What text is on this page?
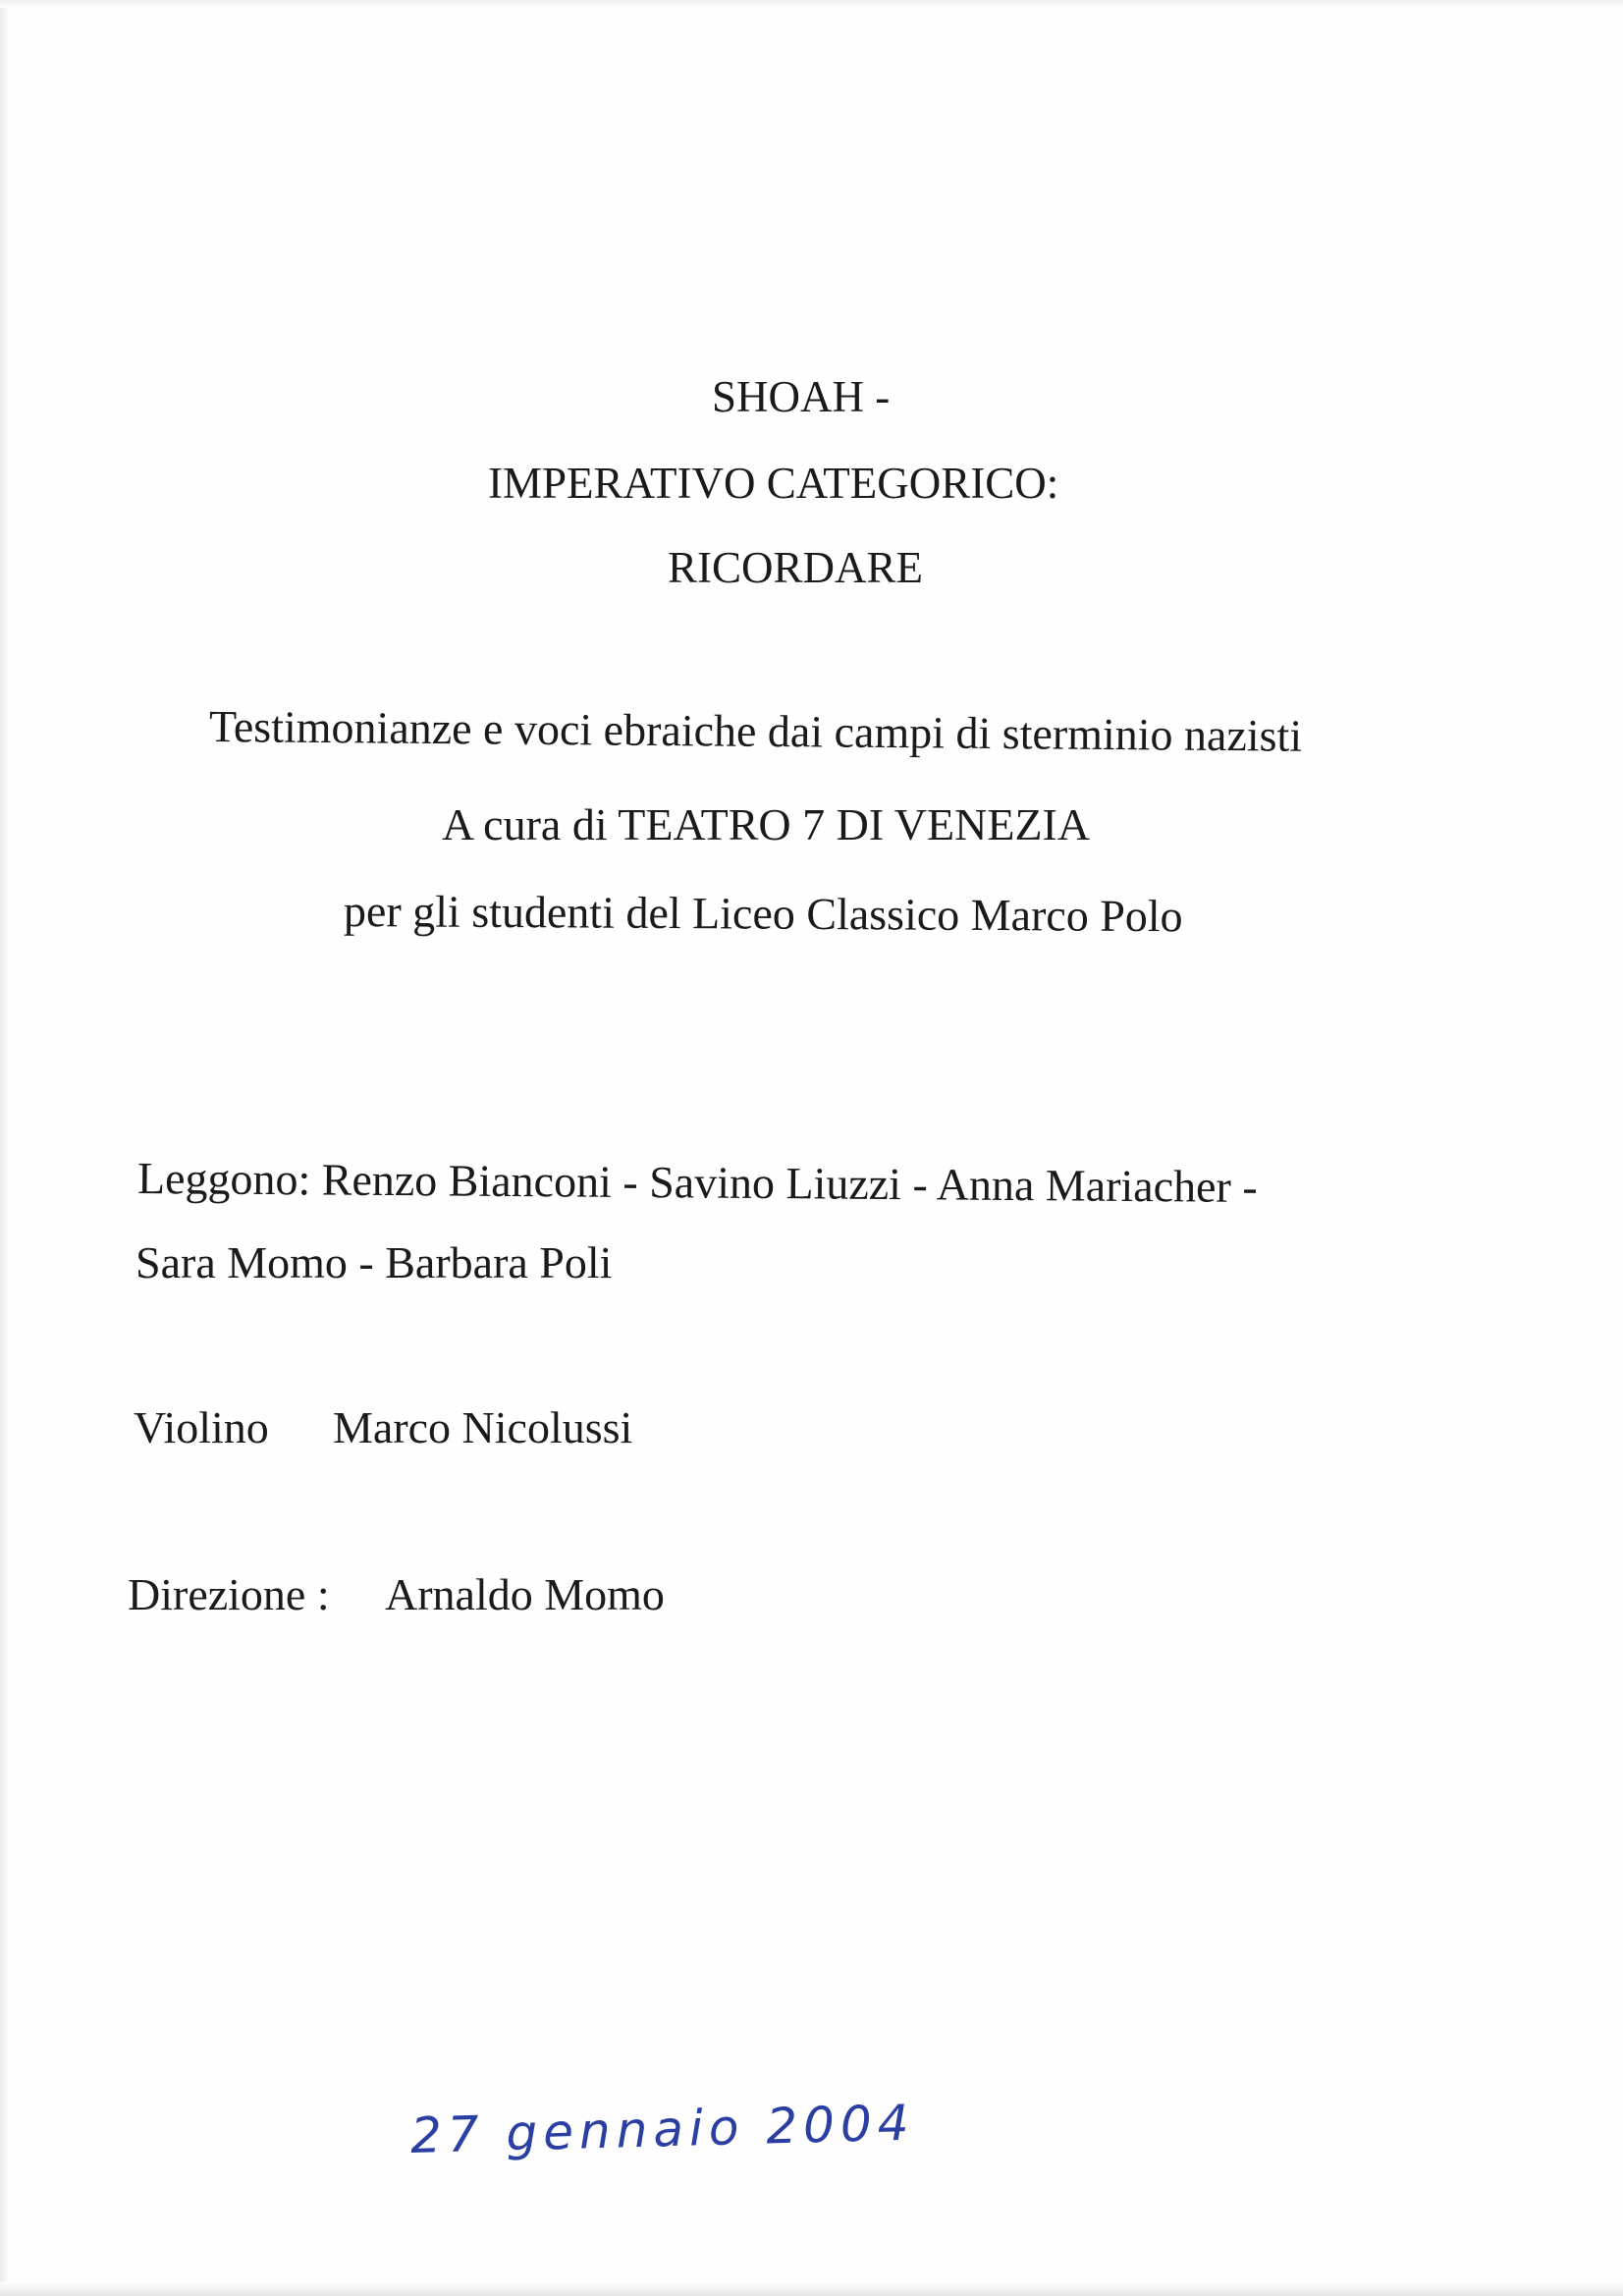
SHOAH -
IMPERATIVO CATEGORICO:
RICORDARE
Testimonianze e voci ebraiche dai campi di sterminio nazisti
A cura di TEATRO 7 DI VENEZIA
per gli studenti del Liceo Classico Marco Polo
Leggono: Renzo Bianconi - Savino Liuzzi - Anna Mariacher -
Sara Momo - Barbara Poli
Violino Marco Nicolussi
Direzione : Arnaldo Momo
27 gennaio 2004
